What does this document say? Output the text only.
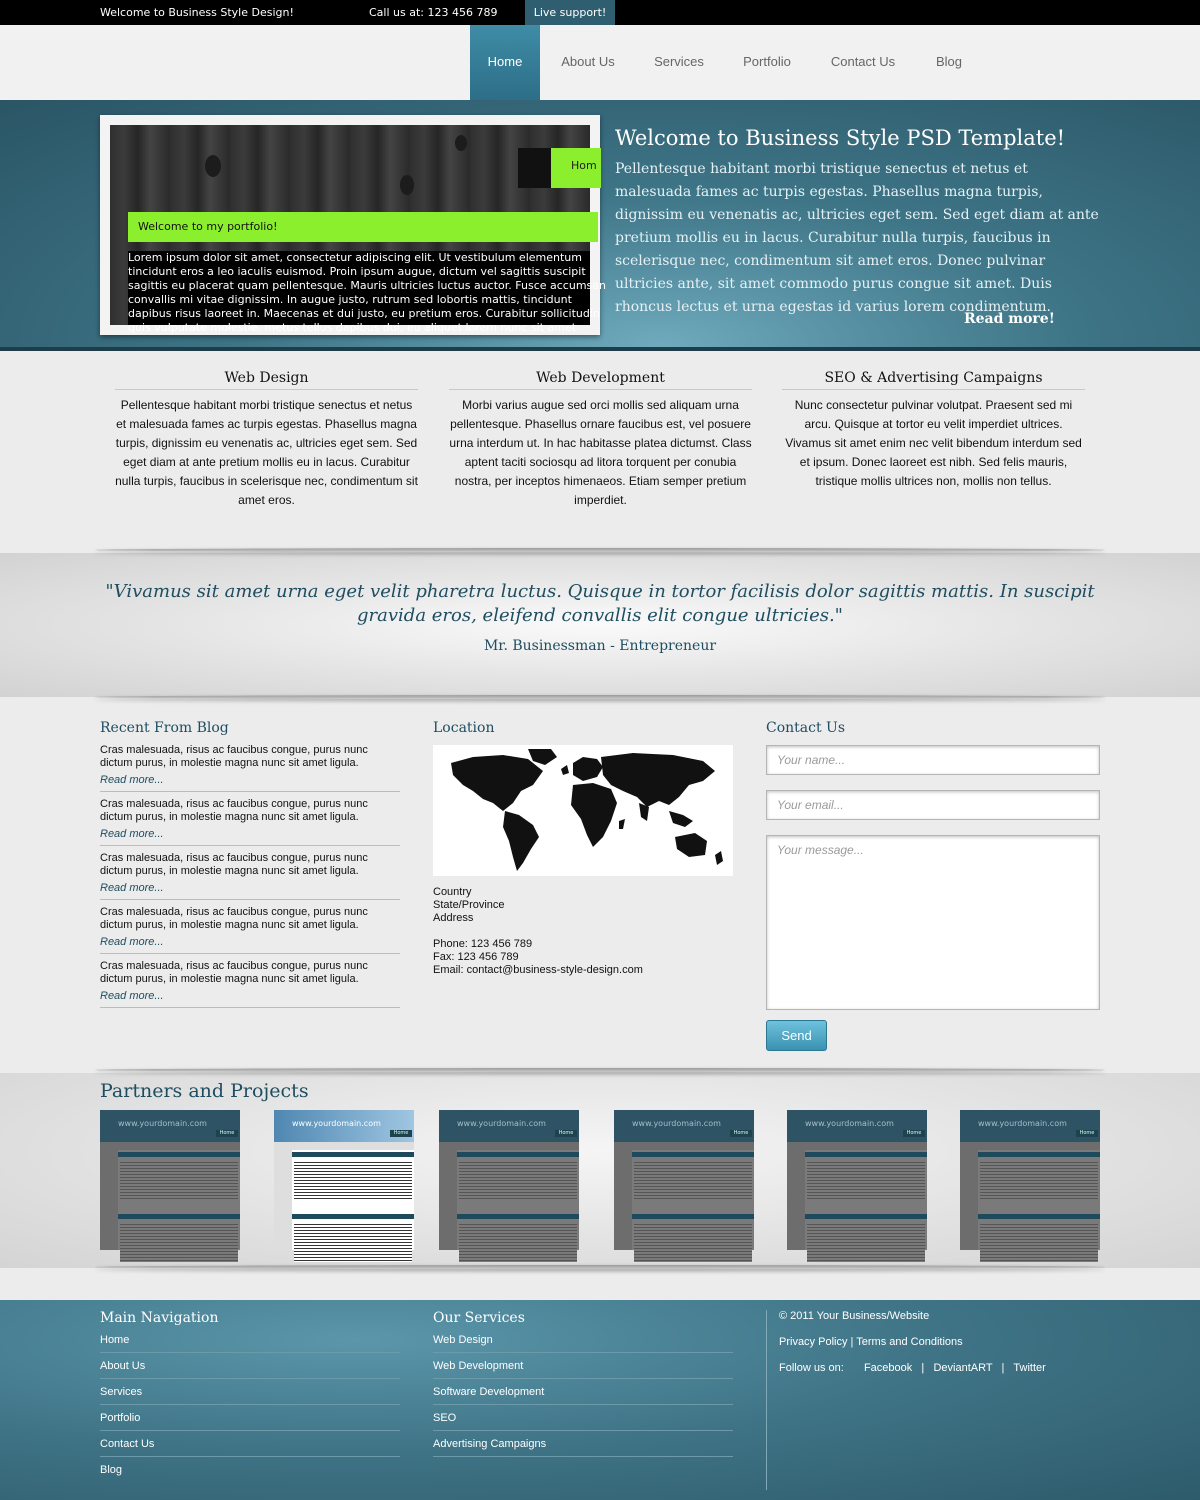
Welcome to Business Style Design!	Call us at: 123 456 789	Live support!
Home	About Us	Services	Portfolio	Contact Us	Blog
Hom
Welcome to my portfolio!
Lorem ipsum dolor sit amet, consectetur adipiscing elit. Ut vestibulum elementum
tincidunt eros a leo iaculis euismod. Proin ipsum augue, dictum vel sagittis suscipit
sagittis eu placerat quam pellentesque. Mauris ultricies luctus auctor. Fusce accumsan
convallis mi vitae dignissim. In augue justo, rutrum sed lobortis mattis, tincidunt
dapibus risus laoreet in. Maecenas et dui justo, eu pretium eros. Curabitur sollicitudin
quis vulputate molestie, metus tellus dapibus dui, eu aliquet lorem nunc sit amet
Welcome to Business Style PSD Template!
Pellentesque habitant morbi tristique senectus et netus et malesuada fames ac turpis egestas. Phasellus magna turpis, dignissim eu venenatis ac, ultricies eget sem. Sed eget diam at ante pretium mollis eu in lacus. Curabitur nulla turpis, faucibus in scelerisque nec, condimentum sit amet eros. Donec pulvinar ultricies ante, sit amet commodo purus congue sit amet. Duis rhoncus lectus et urna egestas id varius lorem condimentum.
Read more!
Web Design

Pellentesque habitant morbi tristique senectus et netus et malesuada fames ac turpis egestas. Phasellus magna turpis, dignissim eu venenatis ac, ultricies eget sem. Sed eget diam at ante pretium mollis eu in lacus. Curabitur nulla turpis, faucibus in scelerisque nec, condimentum sit amet eros.

Web Development

Morbi varius augue sed orci mollis sed aliquam urna pellentesque. Phasellus ornare faucibus est, vel posuere urna interdum ut. In hac habitasse platea dictumst. Class aptent taciti sociosqu ad litora torquent per conubia nostra, per inceptos himenaeos. Etiam semper pretium imperdiet.

SEO & Advertising Campaigns

Nunc consectetur pulvinar volutpat. Praesent sed mi arcu. Quisque at tortor eu velit imperdiet ultrices. Vivamus sit amet enim nec velit bibendum interdum sed et ipsum. Donec laoreet est nibh. Sed felis mauris, tristique mollis ultrices non, mollis non tellus.

"Vivamus sit amet urna eget velit pharetra luctus. Quisque in tortor facilisis dolor sagittis mattis. In suscipit gravida eros, eleifend convallis elit congue ultricies."
Mr. Businessman - Entrepreneur
Recent From Blog
Cras malesuada, risus ac faucibus congue, purus nunc dictum purus, in molestie magna nunc sit amet ligula.
Read more...
Cras malesuada, risus ac faucibus congue, purus nunc dictum purus, in molestie magna nunc sit amet ligula.
Read more...
Cras malesuada, risus ac faucibus congue, purus nunc dictum purus, in molestie magna nunc sit amet ligula.
Read more...
Cras malesuada, risus ac faucibus congue, purus nunc dictum purus, in molestie magna nunc sit amet ligula.
Read more...
Cras malesuada, risus ac faucibus congue, purus nunc dictum purus, in molestie magna nunc sit amet ligula.
Read more...
Location
Country
State/Province
Address
Phone: 123 456 789
Fax: 123 456 789
Email: contact@business-style-design.com
Contact Us
Your name...
Your email...
Your message...
Send
Partners and Projects
www.yourdomain.com
Home
www.yourdomain.com
Home
www.yourdomain.com
Home
www.yourdomain.com
Home
www.yourdomain.com
Home
www.yourdomain.com
Home
Main Navigation
Home
About Us
Services
Portfolio
Contact Us
Blog
Our Services
Web Design
Web Development
Software Development
SEO
Advertising Campaigns
© 2011 Your Business/Website
Privacy Policy | Terms and Conditions
Follow us on: Facebook   |   DeviantART   |   Twitter
